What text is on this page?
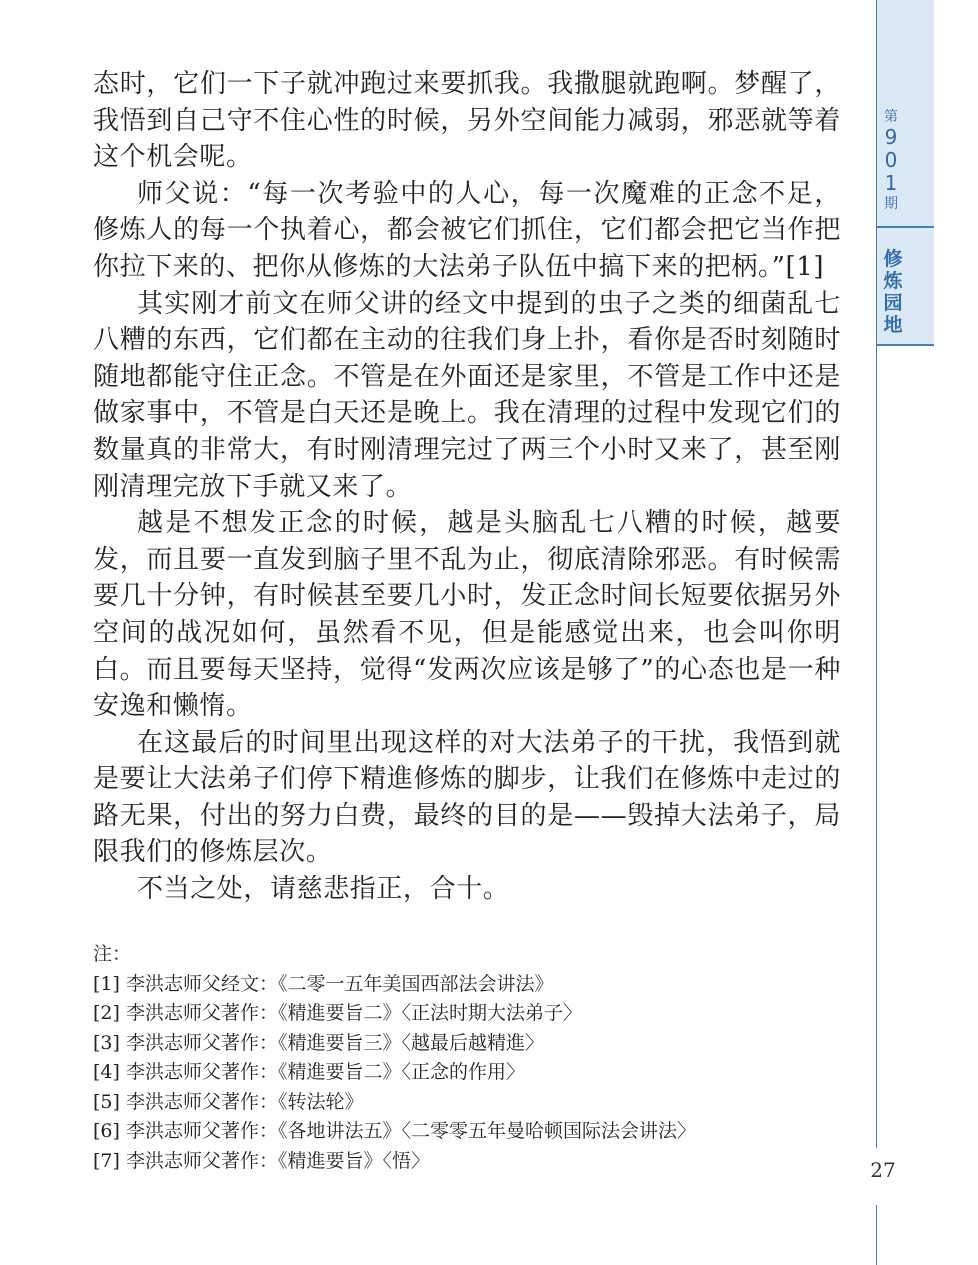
态时，它们一下子就冲跑过来要抓我。我撒腿就跑啊。梦醒了，我悟到自己守不住心性的时候，另外空间能力减弱，邪恶就等着这个机会呢。

师父说：“每一次考验中的人心，每一次魔难的正念不足，修炼人的每一个执着心，都会被它们抓住，它们都会把它当作把你拉下来的、把你从修炼的大法弟子队伍中搞下来的把柄。”[1]

其实刚才前文在师父讲的经文中提到的虫子之类的细菌乱七八糟的东西，它们都在主动的往我们身上扑，看你是否时刻随时随地都能守住正念。不管是在外面还是家里，不管是工作中还是做家事中，不管是白天还是晚上。我在清理的过程中发现它们的数量真的非常大，有时刚清理完过了两三个小时又来了，甚至刚刚清理完放下手就又来了。

越是不想发正念的时候，越是头脑乱七八糟的时候，越要发，而且要一直发到脑子里不乱为止，彻底清除邪恶。有时候需要几十分钟，有时候甚至要几小时，发正念时间长短要依据另外空间的战况如何，虽然看不见，但是能感觉出来，也会叫你明白。而且要每天坚持，觉得“发两次应该是够了”的心态也是一种安逸和懒惰。

在这最后的时间里出现这样的对大法弟子的干扰，我悟到就是要让大法弟子们停下精進修炼的脚步，让我们在修炼中走过的路无果，付出的努力白费，最终的目的是——毁掉大法弟子，局限我们的修炼层次。

不当之处，请慈悲指正，合十。

注：
[1] 李洪志师父经文：《二零一五年美国西部法会讲法》
[2] 李洪志师父著作：《精進要旨二》〈正法时期大法弟子〉
[3] 李洪志师父著作：《精進要旨三》〈越最后越精進〉
[4] 李洪志师父著作：《精進要旨二》〈正念的作用〉
[5] 李洪志师父著作：《转法轮》
[6] 李洪志师父著作：《各地讲法五》〈二零零五年曼哈顿国际法会讲法〉
[7] 李洪志师父著作：《精進要旨》〈悟〉
第
9
0
1
期
修
炼
园
地
27
